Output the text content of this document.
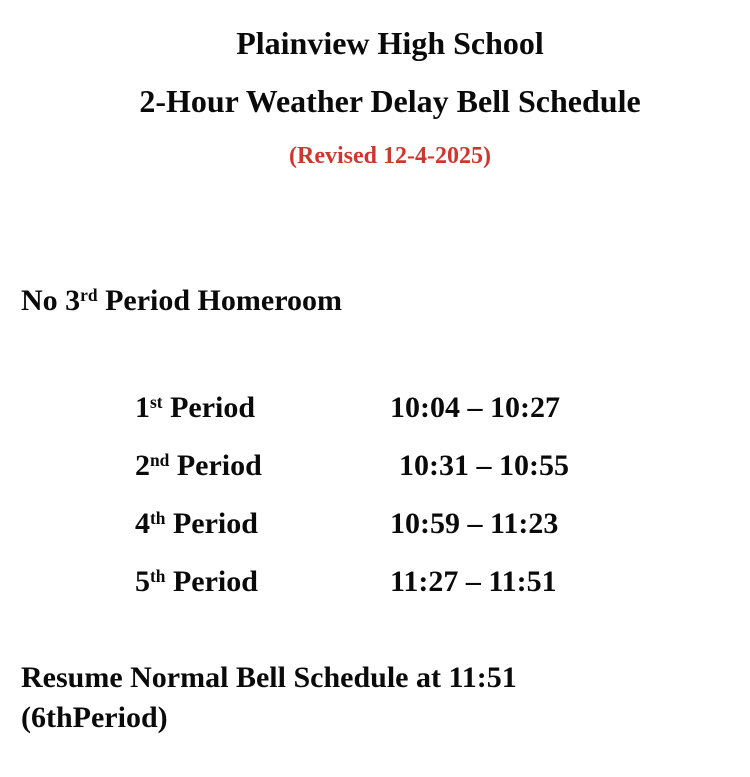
Plainview High School
2-Hour Weather Delay Bell Schedule
(Revised 12-4-2025)
No 3rd Period Homeroom
1st Period	10:04 – 10:27
2nd Period	10:31 – 10:55
4th Period	10:59 – 11:23
5th Period	11:27 – 11:51

Resume Normal Bell Schedule at 11:51

(6thPeriod)
